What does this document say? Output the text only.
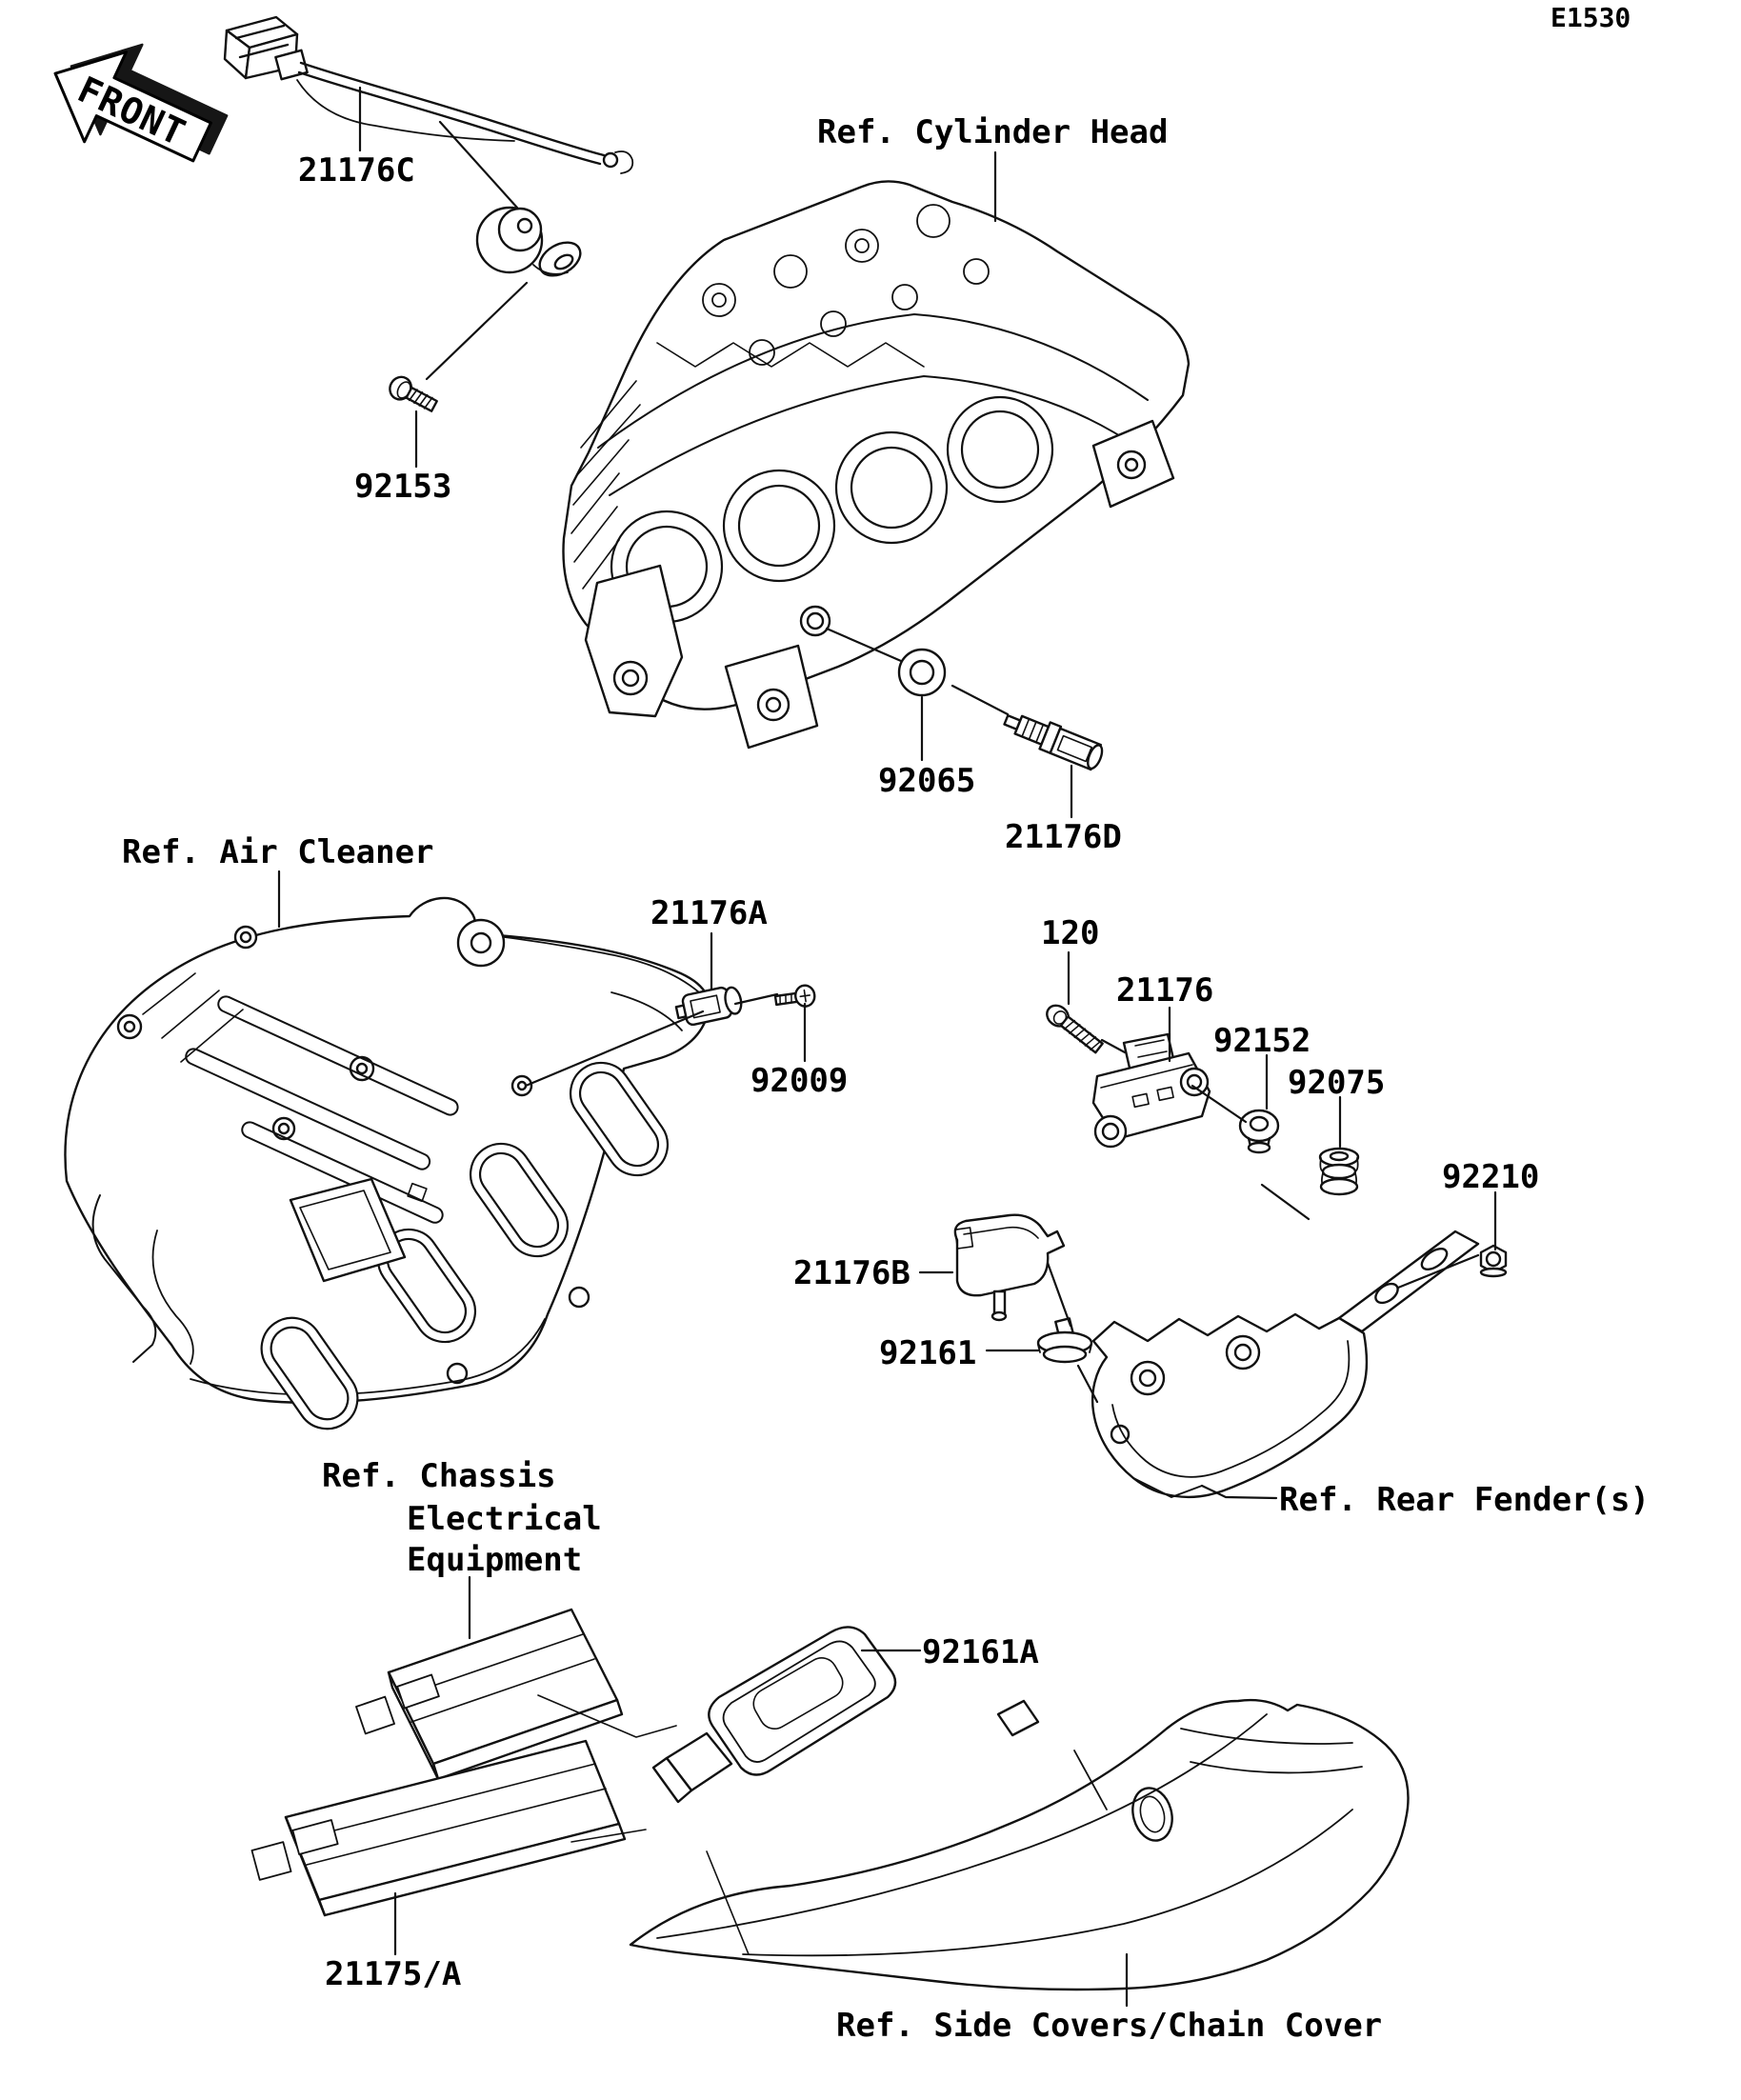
FRONT
E1530
21176C
Ref. Cylinder Head
92153
92065
21176D
Ref. Air Cleaner
21176A
92009
120
21176
92152
92075
92210
21176B
92161
Ref. Rear Fender(s)
Ref. Chassis
Electrical
Equipment
92161A
21175/A
Ref. Side Covers/Chain Cover
